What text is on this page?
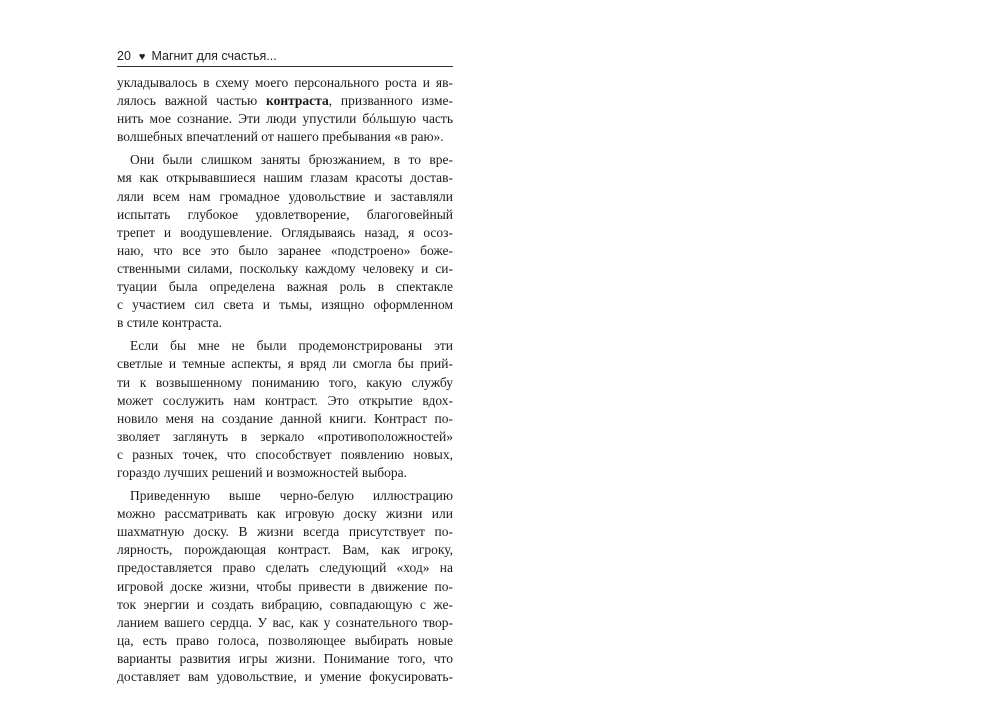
20 ♥ Магнит для счастья...
укладывалось в схему моего персонального роста и яв-
лялось важной частью контраста, призванного изме-
нить мое сознание. Эти люди упустили бóльшую часть
волшебных впечатлений от нашего пребывания «в раю».
Они были слишком заняты брюзжанием, в то вре-
мя как открывавшиеся нашим глазам красоты достав-
ляли всем нам громадное удовольствие и заставляли
испытать глубокое удовлетворение, благоговейный
трепет и воодушевление. Оглядываясь назад, я осоз-
наю, что все это было заранее «подстроено» боже-
ственными силами, поскольку каждому человеку и си-
туации была определена важная роль в спектакле
с участием сил света и тьмы, изящно оформленном
в стиле контраста.
Если бы мне не были продемонстрированы эти
светлые и темные аспекты, я вряд ли смогла бы прий-
ти к возвышенному пониманию того, какую службу
может сослужить нам контраст. Это открытие вдох-
новило меня на создание данной книги. Контраст по-
зволяет заглянуть в зеркало «противоположностей»
с разных точек, что способствует появлению новых,
гораздо лучших решений и возможностей выбора.
Приведенную выше черно-белую иллюстрацию
можно рассматривать как игровую доску жизни или
шахматную доску. В жизни всегда присутствует по-
лярность, порождающая контраст. Вам, как игроку,
предоставляется право сделать следующий «ход» на
игровой доске жизни, чтобы привести в движение по-
ток энергии и создать вибрацию, совпадающую с же-
ланием вашего сердца. У вас, как у сознательного твор-
ца, есть право голоса, позволяющее выбирать новые
варианты развития игры жизни. Понимание того, что
доставляет вам удовольствие, и умение фокусировать-
